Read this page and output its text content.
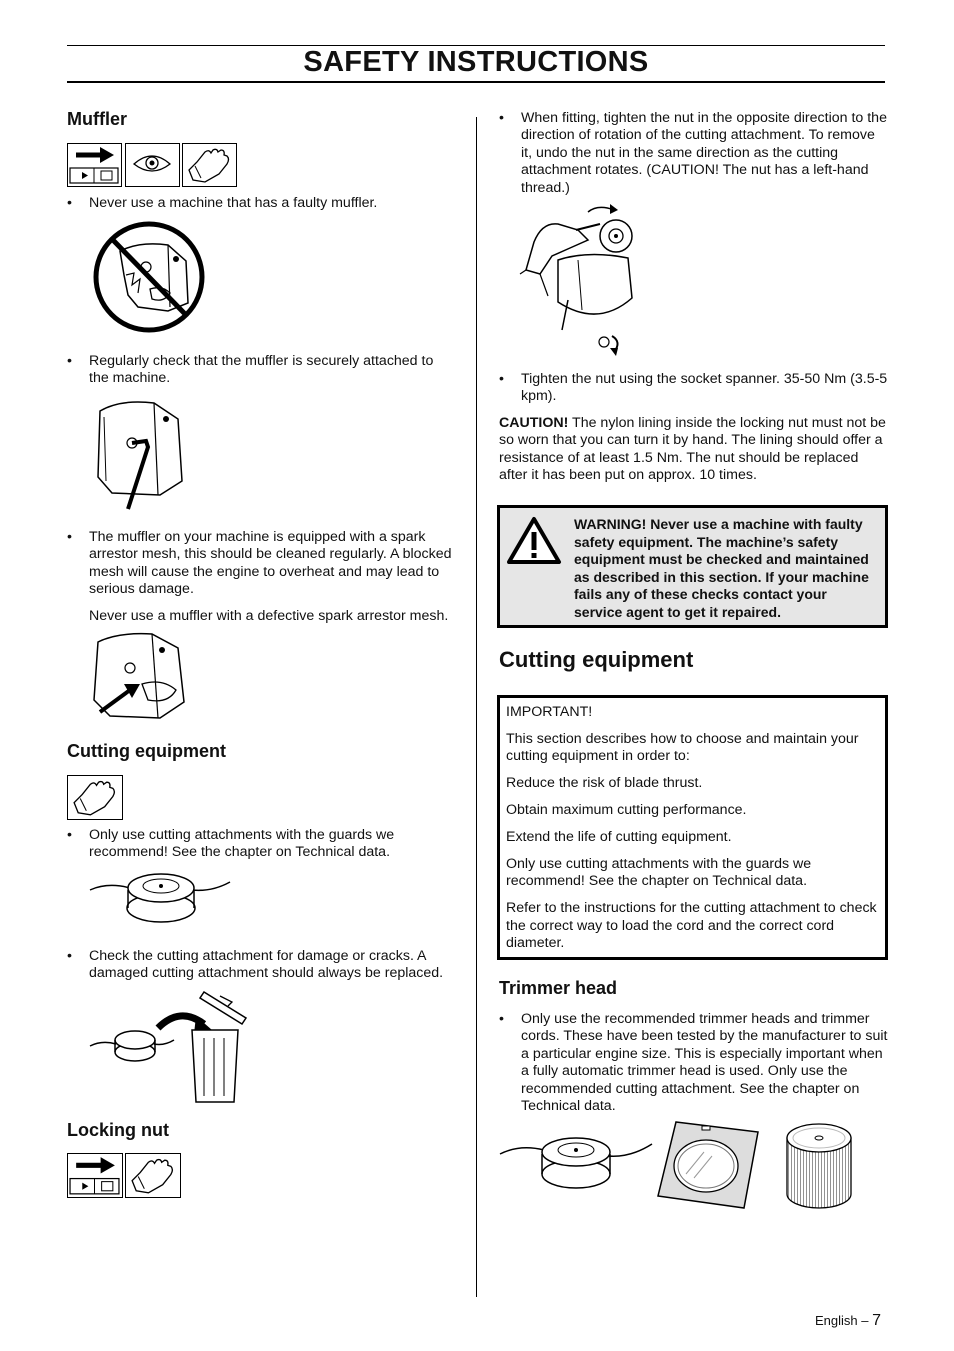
SAFETY INSTRUCTIONS
Muffler
• Never use a machine that has a faulty muffler.
• Regularly check that the muffler is securely attached to the machine.
• The muffler on your machine is equipped with a spark arrestor mesh, this should be cleaned regularly. A blocked mesh will cause the engine to overheat and may lead to serious damage.
Never use a muffler with a defective spark arrestor mesh.
Cutting equipment
• Only use cutting attachments with the guards we recommend! See the chapter on Technical data.
• Check the cutting attachment for damage or cracks. A damaged cutting attachment should always be replaced.
Locking nut
• When fitting, tighten the nut in the opposite direction to the direction of rotation of the cutting attachment. To remove it, undo the nut in the same direction as the cutting attachment rotates. (CAUTION! The nut has a left-hand thread.)
• Tighten the nut using the socket spanner. 35-50 Nm (3.5-5 kpm).
CAUTION! The nylon lining inside the locking nut must not be so worn that you can turn it by hand. The lining should offer a resistance of at least 1.5 Nm. The nut should be replaced after it has been put on approx. 10 times.
WARNING! Never use a machine with faulty safety equipment. The machine’s safety equipment must be checked and maintained as described in this section. If your machine fails any of these checks contact your service agent to get it repaired.
Cutting equipment

IMPORTANT!

This section describes how to choose and maintain your cutting equipment in order to:

Reduce the risk of blade thrust.

Obtain maximum cutting performance.

Extend the life of cutting equipment.

Only use cutting attachments with the guards we recommend! See the chapter on Technical data.

Refer to the instructions for the cutting attachment to check the correct way to load the cord and the correct cord diameter.

Trimmer head
• Only use the recommended trimmer heads and trimmer cords. These have been tested by the manufacturer to suit a particular engine size. This is especially important when a fully automatic trimmer head is used. Only use the recommended cutting attachment. See the chapter on Technical data.
English – 7
